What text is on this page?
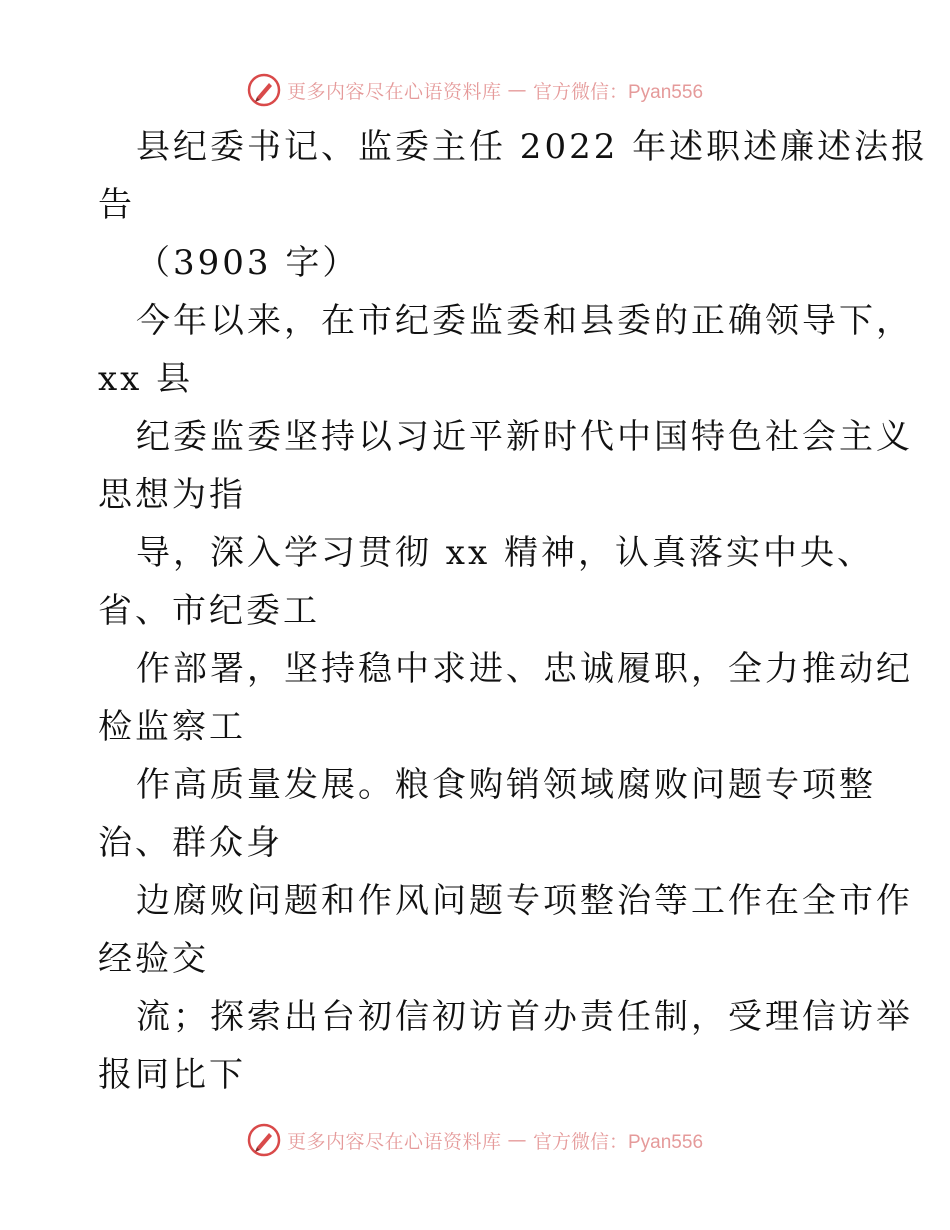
更多内容尽在心语资料库 — 官方微信：Pyan556
县纪委书记、监委主任 2022 年述职述廉述法报
告
（3903 字）
今年以来，在市纪委监委和县委的正确领导下，
xx 县
纪委监委坚持以习近平新时代中国特色社会主义
思想为指
导，深入学习贯彻 xx 精神，认真落实中央、
省、市纪委工
作部署，坚持稳中求进、忠诚履职，全力推动纪
检监察工
作高质量发展。粮食购销领域腐败问题专项整
治、群众身
边腐败问题和作风问题专项整治等工作在全市作
经验交
流；探索出台初信初访首办责任制，受理信访举
报同比下
更多内容尽在心语资料库 — 官方微信：Pyan556
